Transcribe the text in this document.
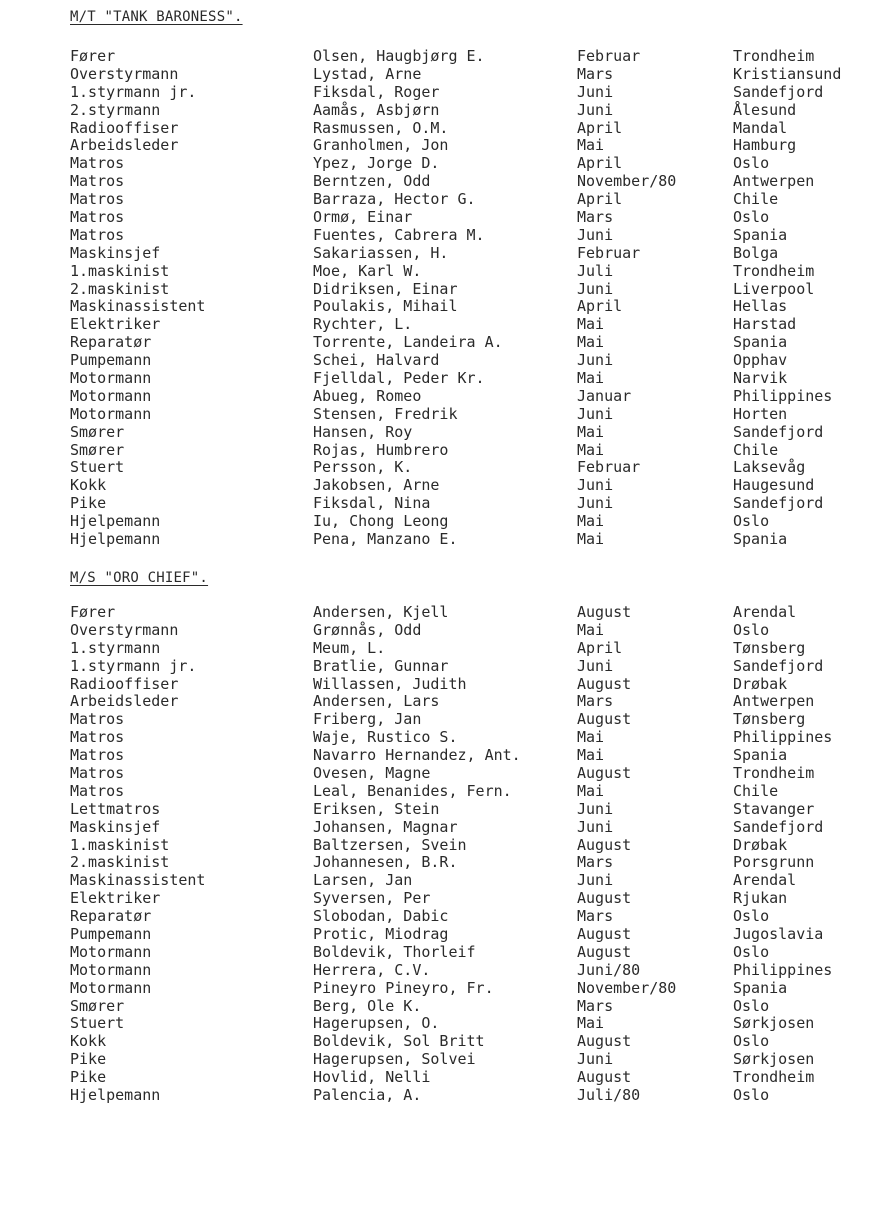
M/T "TANK BARONESS".
Fører	Olsen, Haugbjørg E.	Februar	Trondheim
Overstyrmann	Lystad, Arne	Mars	Kristiansund
1.styrmann jr.	Fiksdal, Roger	Juni	Sandefjord
2.styrmann	Aamås, Asbjørn	Juni	Ålesund
Radiooffiser	Rasmussen, O.M.	April	Mandal
Arbeidsleder	Granholmen, Jon	Mai	Hamburg
Matros	Ypez, Jorge D.	April	Oslo
Matros	Berntzen, Odd	November/80	Antwerpen
Matros	Barraza, Hector G.	April	Chile
Matros	Ormø, Einar	Mars	Oslo
Matros	Fuentes, Cabrera M.	Juni	Spania
Maskinsjef	Sakariassen, H.	Februar	Bolga
1.maskinist	Moe, Karl W.	Juli	Trondheim
2.maskinist	Didriksen, Einar	Juni	Liverpool
Maskinassistent	Poulakis, Mihail	April	Hellas
Elektriker	Rychter, L.	Mai	Harstad
Reparatør	Torrente, Landeira A.	Mai	Spania
Pumpemann	Schei, Halvard	Juni	Opphav
Motormann	Fjelldal, Peder Kr.	Mai	Narvik
Motormann	Abueg, Romeo	Januar	Philippines
Motormann	Stensen, Fredrik	Juni	Horten
Smører	Hansen, Roy	Mai	Sandefjord
Smører	Rojas, Humbrero	Mai	Chile
Stuert	Persson, K.	Februar	Laksevåg
Kokk	Jakobsen, Arne	Juni	Haugesund
Pike	Fiksdal, Nina	Juni	Sandefjord
Hjelpemann	Iu, Chong Leong	Mai	Oslo
Hjelpemann	Pena, Manzano E.	Mai	Spania
M/S "ORO CHIEF".
Fører	Andersen, Kjell	August	Arendal
Overstyrmann	Grønnås, Odd	Mai	Oslo
1.styrmann	Meum, L.	April	Tønsberg
1.styrmann jr.	Bratlie, Gunnar	Juni	Sandefjord
Radiooffiser	Willassen, Judith	August	Drøbak
Arbeidsleder	Andersen, Lars	Mars	Antwerpen
Matros	Friberg, Jan	August	Tønsberg
Matros	Waje, Rustico S.	Mai	Philippines
Matros	Navarro Hernandez, Ant.	Mai	Spania
Matros	Ovesen, Magne	August	Trondheim
Matros	Leal, Benanides, Fern.	Mai	Chile
Lettmatros	Eriksen, Stein	Juni	Stavanger
Maskinsjef	Johansen, Magnar	Juni	Sandefjord
1.maskinist	Baltzersen, Svein	August	Drøbak
2.maskinist	Johannesen, B.R.	Mars	Porsgrunn
Maskinassistent	Larsen, Jan	Juni	Arendal
Elektriker	Syversen, Per	August	Rjukan
Reparatør	Slobodan, Dabic	Mars	Oslo
Pumpemann	Protic, Miodrag	August	Jugoslavia
Motormann	Boldevik, Thorleif	August	Oslo
Motormann	Herrera, C.V.	Juni/80	Philippines
Motormann	Pineyro Pineyro, Fr.	November/80	Spania
Smører	Berg, Ole K.	Mars	Oslo
Stuert	Hagerupsen, O.	Mai	Sørkjosen
Kokk	Boldevik, Sol Britt	August	Oslo
Pike	Hagerupsen, Solvei	Juni	Sørkjosen
Pike	Hovlid, Nelli	August	Trondheim
Hjelpemann	Palencia, A.	Juli/80	Oslo
